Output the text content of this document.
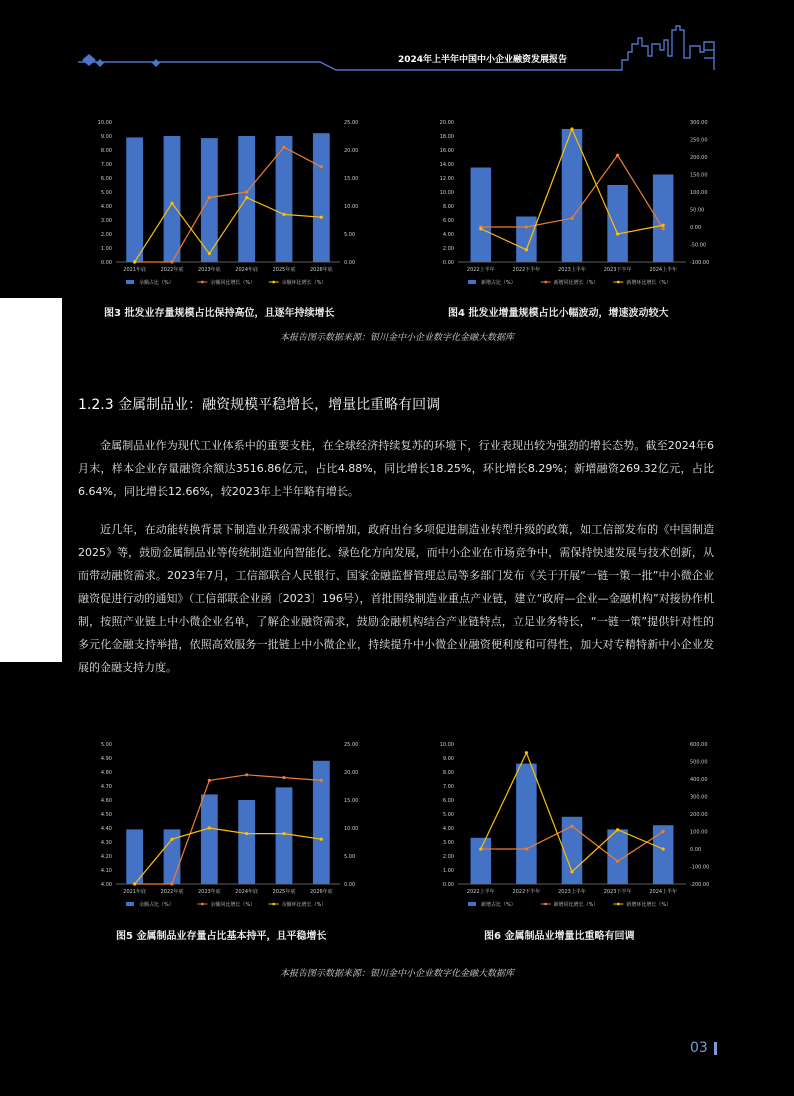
2024年上半年中国中小企业融资发展报告
0.00
1.00
2.00
3.00
4.00
5.00
6.00
7.00
8.00
9.00
10.00
0.00
5.00
10.00
15.00
20.00
25.00
2021年底	2022年底	2023年底	2024年底	2025年底	2026年底
余额占比（%）	余额同比增长（%）	余额环比增长（%）
图3 批发业存量规模占比保持高位，且逐年持续增长
0.00
2.00
4.00
6.00
8.00
10.00
12.00
14.00
16.00
18.00
20.00
-100.00
-50.00
0.00
50.00
100.00
150.00
200.00
250.00
300.00
2022上半年	2022下半年	2023上半年	2023下半年	2024上半年
新增占比（%）	新增同比增长（%）	新增环比增长（%）
图4 批发业增量规模占比小幅波动，增速波动较大
本报告图示数据来源：银川金中小企业数字化金融大数据库
1.2.3 金属制品业：融资规模平稳增长，增量比重略有回调

金属制品业作为现代工业体系中的重要支柱，在全球经济持续复苏的环境下，行业表现出较为强劲的增长态势。截至2024年6月末，样本企业存量融资余额达3516.86亿元，占比4.88%，同比增长18.25%，环比增长8.29%；新增融资269.32亿元，占比6.64%，同比增长12.66%，较2023年上半年略有增长。

近几年，在动能转换背景下制造业升级需求不断增加，政府出台多项促进制造业转型升级的政策，如工信部发布的《中国制造2025》等，鼓励金属制品业等传统制造业向智能化、绿色化方向发展，而中小企业在市场竞争中，需保持快速发展与技术创新，从而带动融资需求。2023年7月，工信部联合人民银行、国家金融监督管理总局等多部门发布《关于开展“一链一策一批”中小微企业融资促进行动的通知》（工信部联企业函〔2023〕196号），首批围绕制造业重点产业链，建立“政府—企业—金融机构”对接协作机制，按照产业链上中小微企业名单，了解企业融资需求，鼓励金融机构结合产业链特点，立足业务特长，“一链一策”提供针对性的多元化金融支持举措，依照高效服务一批链上中小微企业，持续提升中小微企业融资便利度和可得性，加大对专精特新中小企业发展的金融支持力度。

4.00
4.10
4.20
4.30
4.40
4.50
4.60
4.70
4.80
4.90
5.00
0.00
5.00
10.00
15.00
20.00
25.00
2021年底	2022年底	2023年底	2024年底	2025年底	2026年底
余额占比（%）	余额同比增长（%）	余额环比增长（%）
图5 金属制品业存量占比基本持平，且平稳增长
0.00
1.00
2.00
3.00
4.00
5.00
6.00
7.00
8.00
9.00
10.00
-200.00
-100.00
0.00
100.00
200.00
300.00
400.00
500.00
600.00
2022上半年	2022下半年	2023上半年	2023下半年	2024上半年
新增占比（%）	新增同比增长（%）	新增环比增长（%）
图6 金属制品业增量比重略有回调
本报告图示数据来源：银川金中小企业数字化金融大数据库
03
